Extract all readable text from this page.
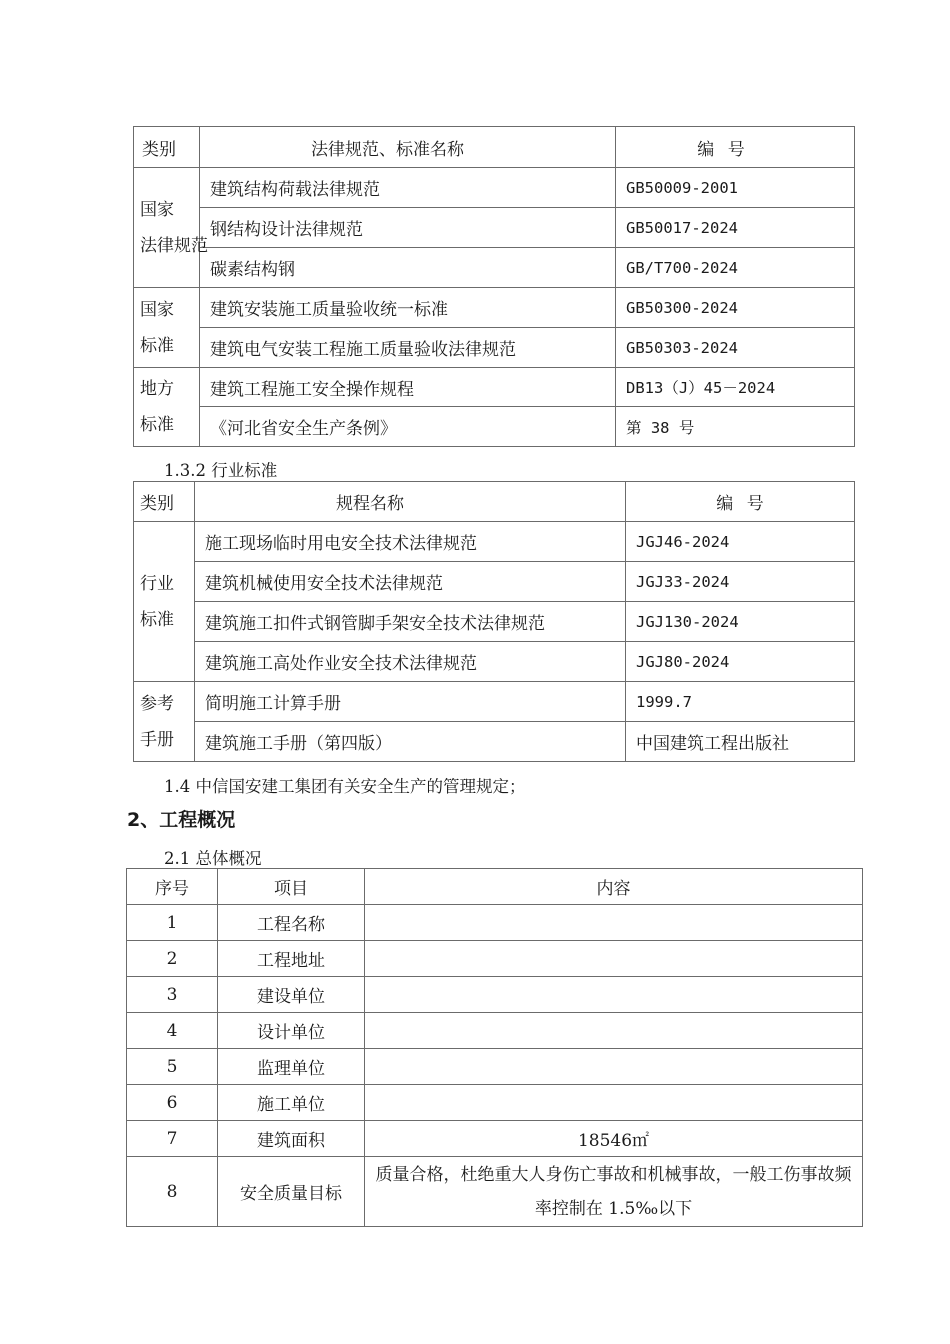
类别	法律规范、标准名称	编 号

国家
法律规范	建筑结构荷载法律规范	GB50009-2001
	钢结构设计法律规范	GB50017-2024
	碳素结构钢	GB/T700-2024

国家
标准	建筑安装施工质量验收统一标准	GB50300-2024
	建筑电气安装工程施工质量验收法律规范	GB50303-2024

地方
标准	建筑工程施工安全操作规程	DB13（J）45－2024
	《河北省安全生产条例》	第 38 号
1.3.2 行业标准
类别	规程名称	编 号

行业
标准	施工现场临时用电安全技术法律规范	JGJ46-2024
	建筑机械使用安全技术法律规范	JGJ33-2024
	建筑施工扣件式钢管脚手架安全技术法律规范	JGJ130-2024
	建筑施工高处作业安全技术法律规范	JGJ80-2024

参考
手册	简明施工计算手册	1999.7
	建筑施工手册（第四版）	中国建筑工程出版社
1.4 中信国安建工集团有关安全生产的管理规定；
2、工程概况
2.1 总体概况
序号	项目	内容
1	工程名称	
2	工程地址	
3	建设单位	
4	设计单位	
5	监理单位	
6	施工单位	
7	建筑面积	18546㎡
8	安全质量目标	质量合格，杜绝重大人身伤亡事故和机械事故，一般工伤事故频率控制在 1.5‰以下
